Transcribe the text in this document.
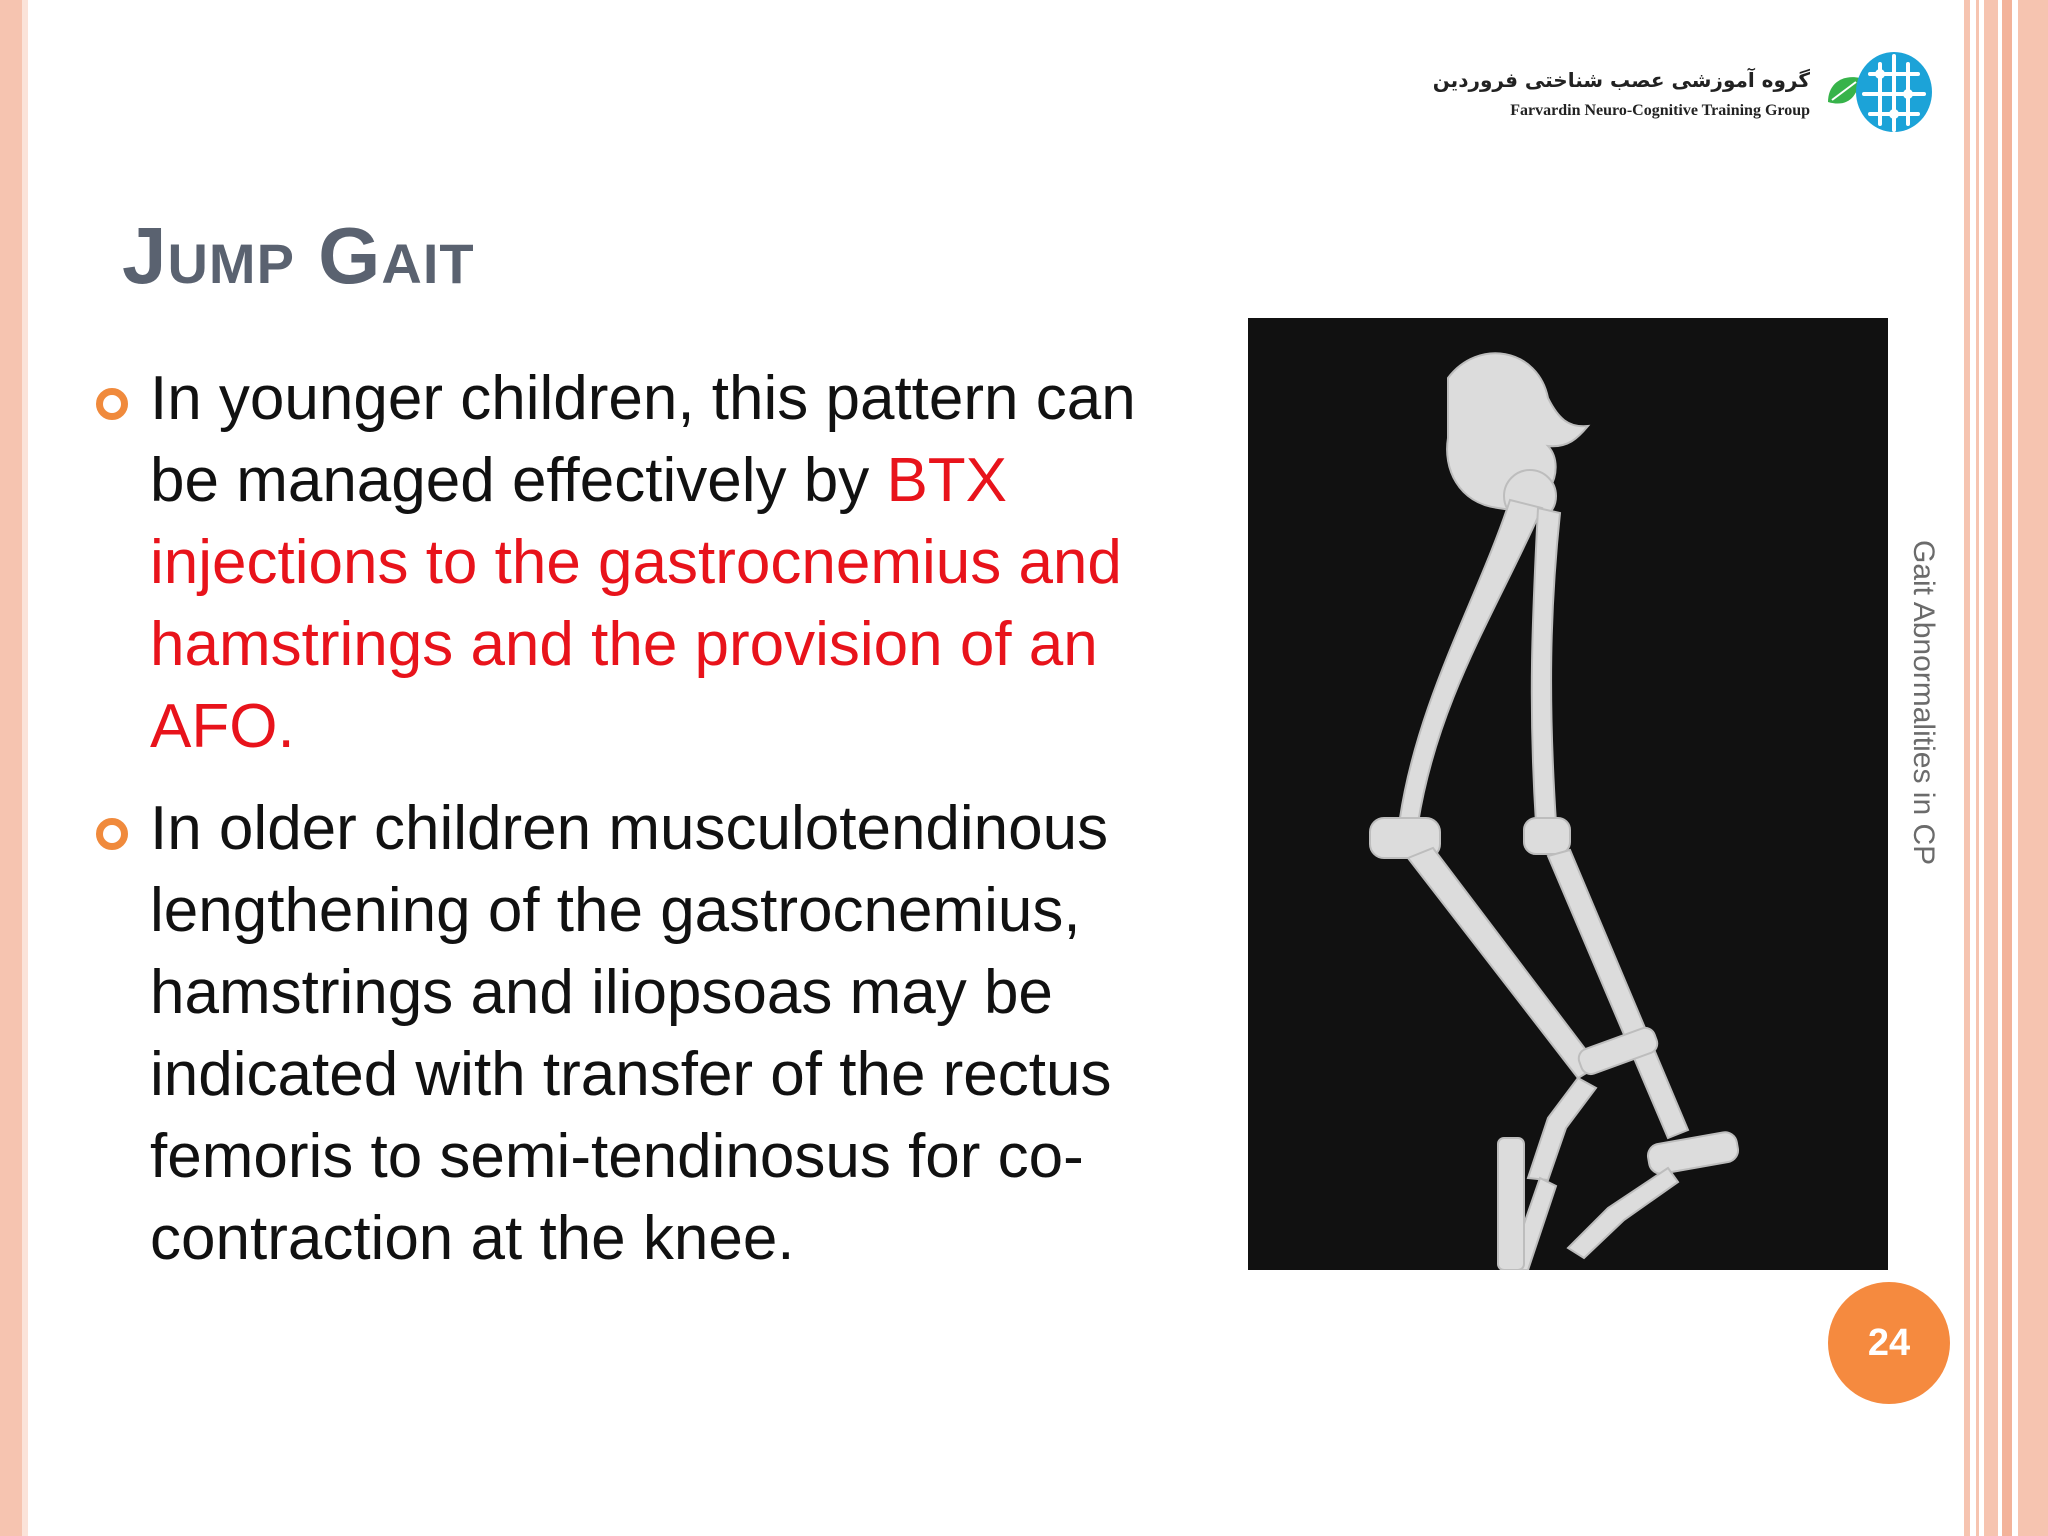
گروه آموزشی عصب شناختی فروردین
Farvardin Neuro-Cognitive Training Group
Jump Gait
In younger children, this pattern can be managed effectively by BTX injections to the gastrocnemius and hamstrings and the provision of an AFO.
In older children musculotendinous lengthening of the gastrocnemius, hamstrings and iliopsoas may be indicated with transfer of the rectus femoris to semi-tendinosus for co-contraction at the knee.
Gait Abnormalities in CP
24
